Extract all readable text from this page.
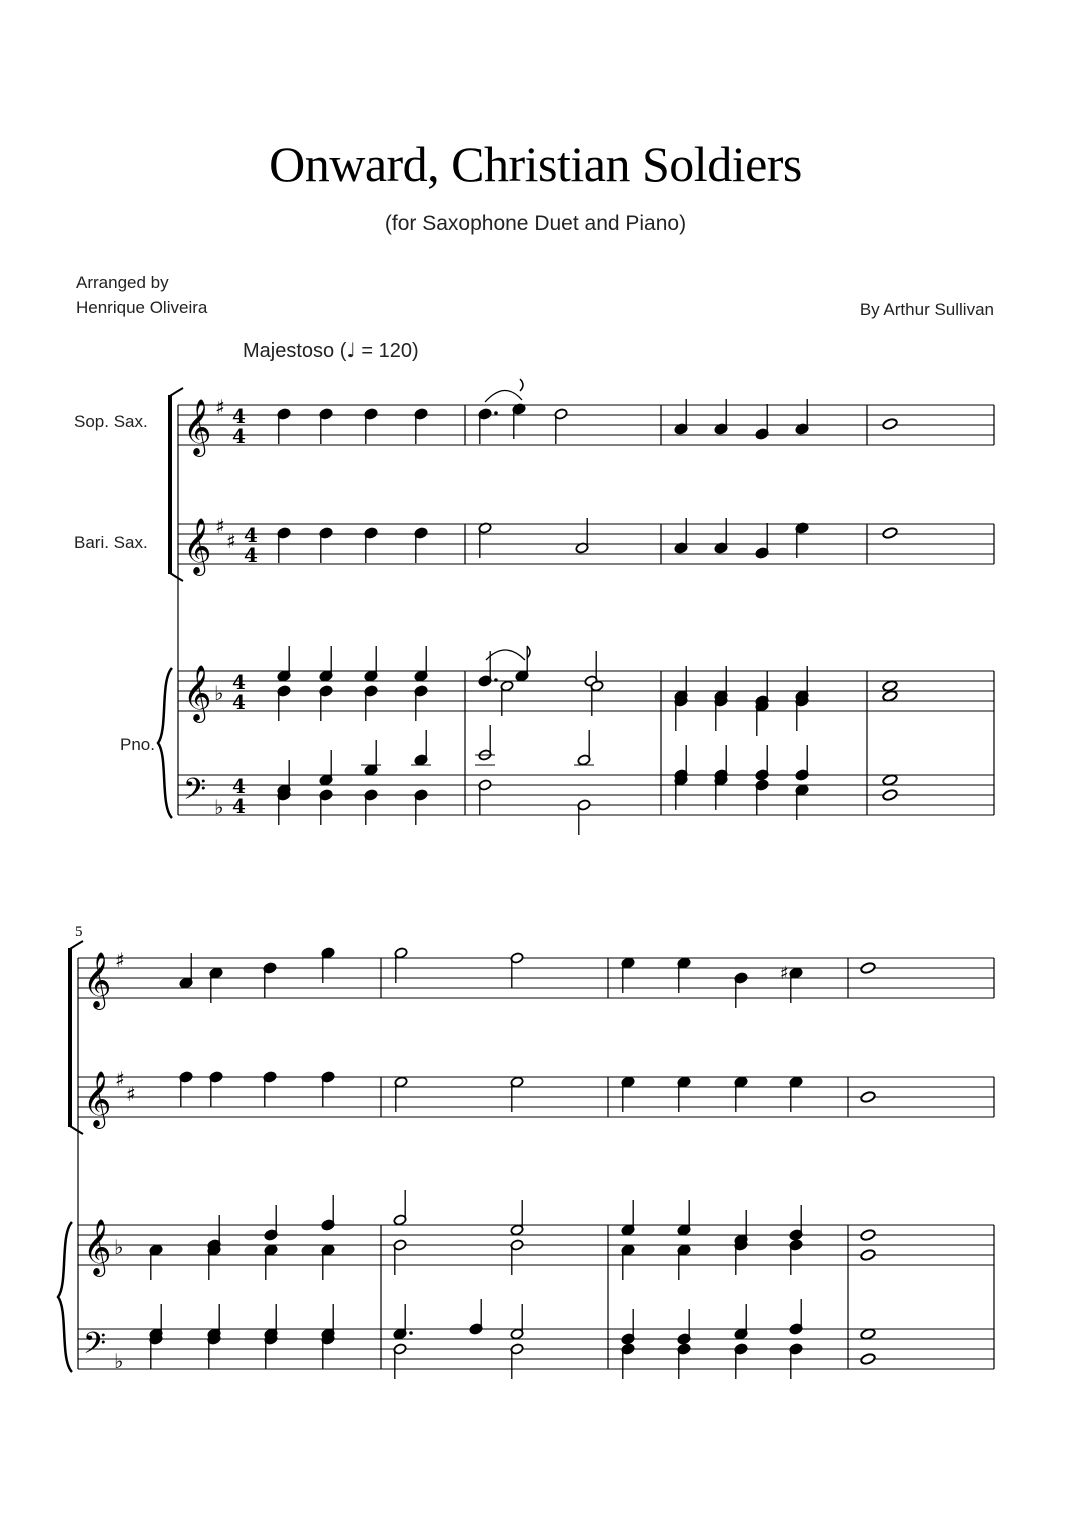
Onward, Christian Soldiers
(for Saxophone Duet and Piano)
Arranged by
Henrique Oliveira	By Arthur Sullivan
Majestoso (♩ = 120)
Sop. Sax.
Bari. Sax.
Pno.
𝄞
𝄞
𝄞
𝄢
♯
♯
♯
♭
♭
4
4
4
4
4
4
4
4
5
𝄞
𝄞
𝄞
𝄢
♯
♯
♯
♭
♭
♯
